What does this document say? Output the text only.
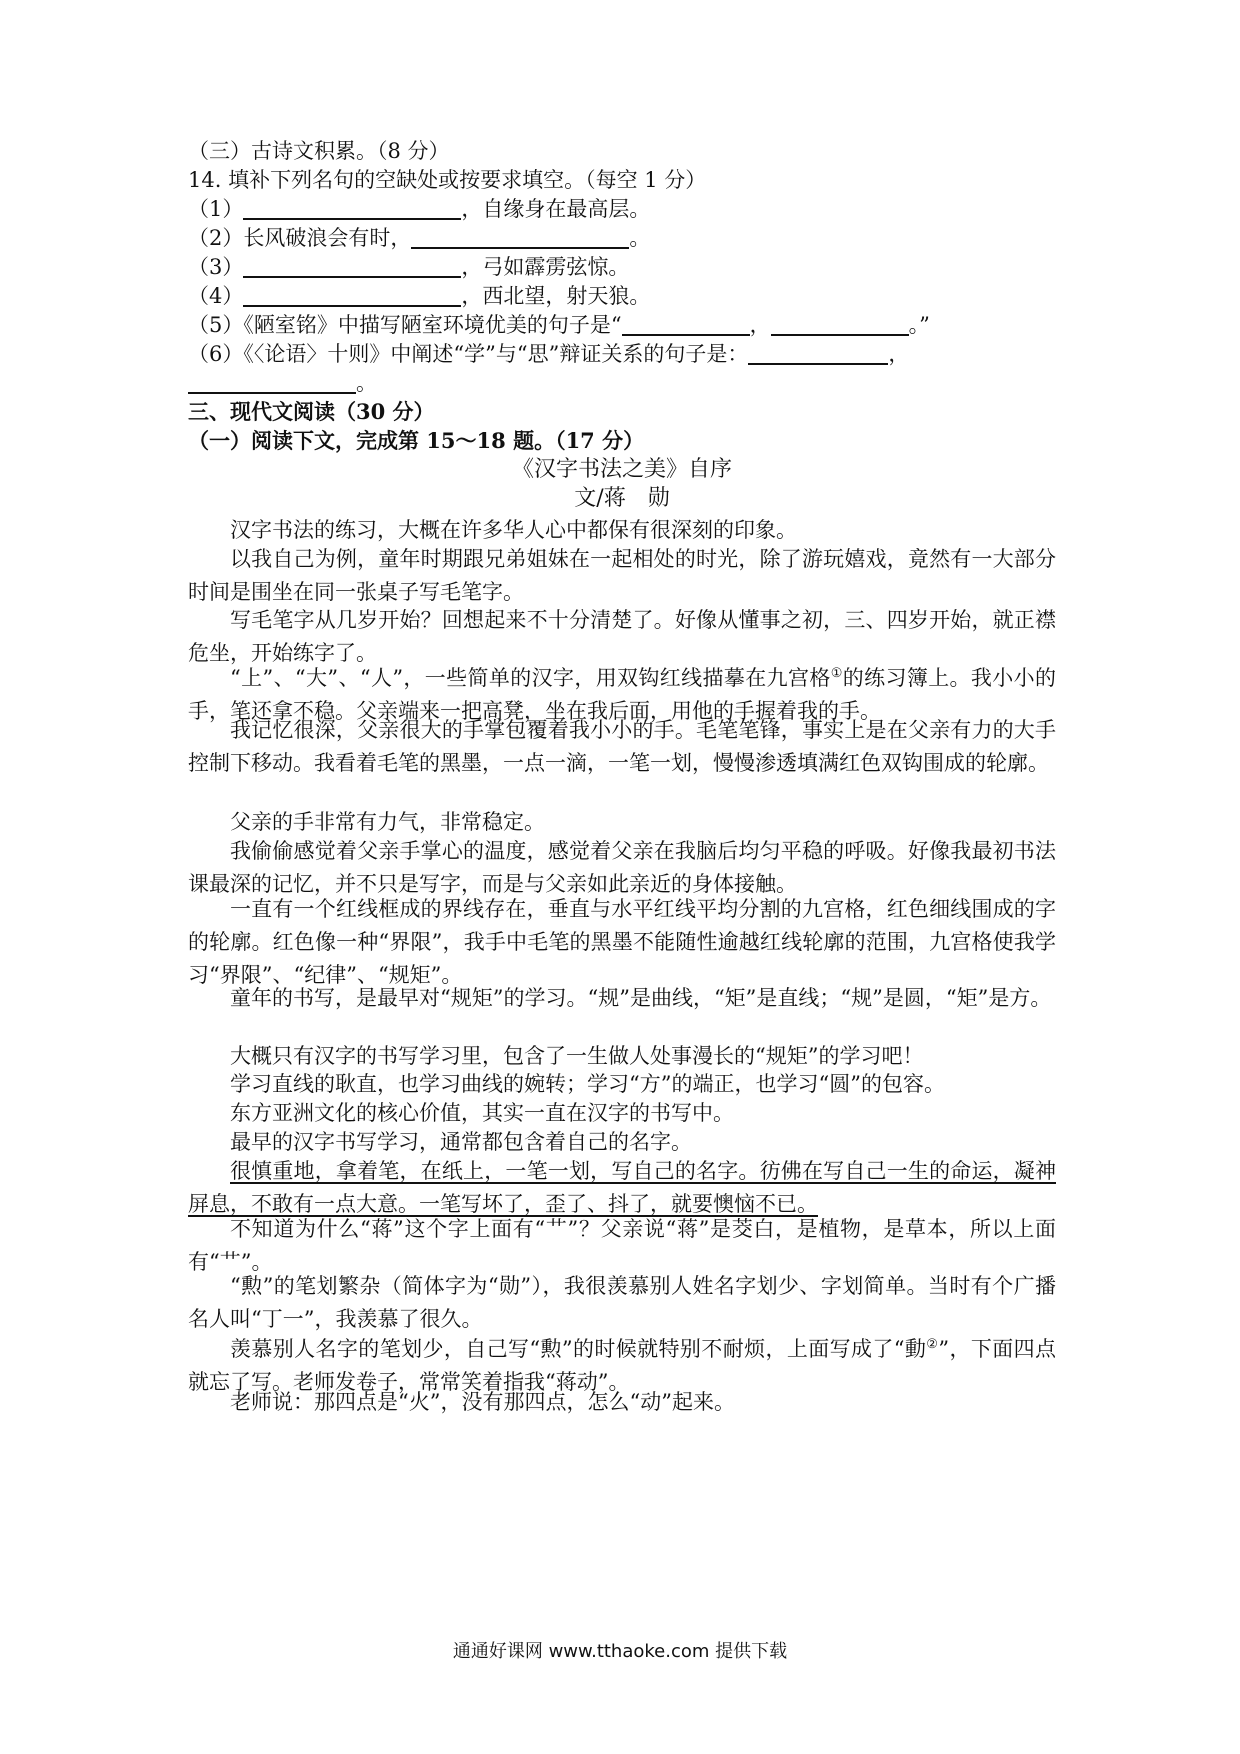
（三）古诗文积累。（8 分）
14. 填补下列名句的空缺处或按要求填空。（每空 1 分）
（1）	，自缘身在最高层。
（2）长风破浪会有时，	。
（3）	，弓如霹雳弦惊。
（4）	，西北望，射天狼。
（5）《陋室铭》中描写陋室环境优美的句子是“	，	。”
（6）《〈论语〉十则》中阐述“学”与“思”辩证关系的句子是：	，
。
三、现代文阅读（30 分）
（一）阅读下文，完成第 15～18 题。（17 分）
《汉字书法之美》自序
文/蒋　勋
汉字书法的练习，大概在许多华人心中都保有很深刻的印象。
以我自己为例，童年时期跟兄弟姐妹在一起相处的时光，除了游玩嬉戏，竟然有一大部分时间是围坐在同一张桌子写毛笔字。
写毛笔字从几岁开始？回想起来不十分清楚了。好像从懂事之初，三、四岁开始，就正襟危坐，开始练字了。
“上”、“大”、“人”，一些简单的汉字，用双钩红线描摹在九宫格①的练习簿上。我小小的手，笔还拿不稳。父亲端来一把高凳，坐在我后面，用他的手握着我的手。
我记忆很深，父亲很大的手掌包覆着我小小的手。毛笔笔锋，事实上是在父亲有力的大手控制下移动。我看着毛笔的黑墨，一点一滴，一笔一划，慢慢渗透填满红色双钩围成的轮廓。
父亲的手非常有力气，非常稳定。
我偷偷感觉着父亲手掌心的温度，感觉着父亲在我脑后均匀平稳的呼吸。好像我最初书法课最深的记忆，并不只是写字，而是与父亲如此亲近的身体接触。
一直有一个红线框成的界线存在，垂直与水平红线平均分割的九宫格，红色细线围成的字的轮廓。红色像一种“界限”，我手中毛笔的黑墨不能随性逾越红线轮廓的范围，九宫格使我学习“界限”、“纪律”、“规矩”。
童年的书写，是最早对“规矩”的学习。“规”是曲线，“矩”是直线；“规”是圆，“矩”是方。
大概只有汉字的书写学习里，包含了一生做人处事漫长的“规矩”的学习吧！
学习直线的耿直，也学习曲线的婉转；学习“方”的端正，也学习“圆”的包容。
东方亚洲文化的核心价值，其实一直在汉字的书写中。
最早的汉字书写学习，通常都包含着自己的名字。
很慎重地，拿着笔，在纸上，一笔一划，写自己的名字。彷佛在写自己一生的命运，凝神屏息，不敢有一点大意。一笔写坏了，歪了、抖了，就要懊恼不已。
不知道为什么“蒋”这个字上面有“艹”？父亲说“蒋”是茭白，是植物，是草本，所以上面有“艹”。
“勲”的笔划繁杂（简体字为“勋”），我很羡慕别人姓名字划少、字划简单。当时有个广播名人叫“丁一”，我羡慕了很久。
羡慕别人名字的笔划少，自己写“勲”的时候就特别不耐烦，上面写成了“動②”，下面四点就忘了写。老师发卷子，常常笑着指我“蒋动”。
老师说：那四点是“火”，没有那四点，怎么“动”起来。
通通好课网 www.tthaoke.com 提供下载
